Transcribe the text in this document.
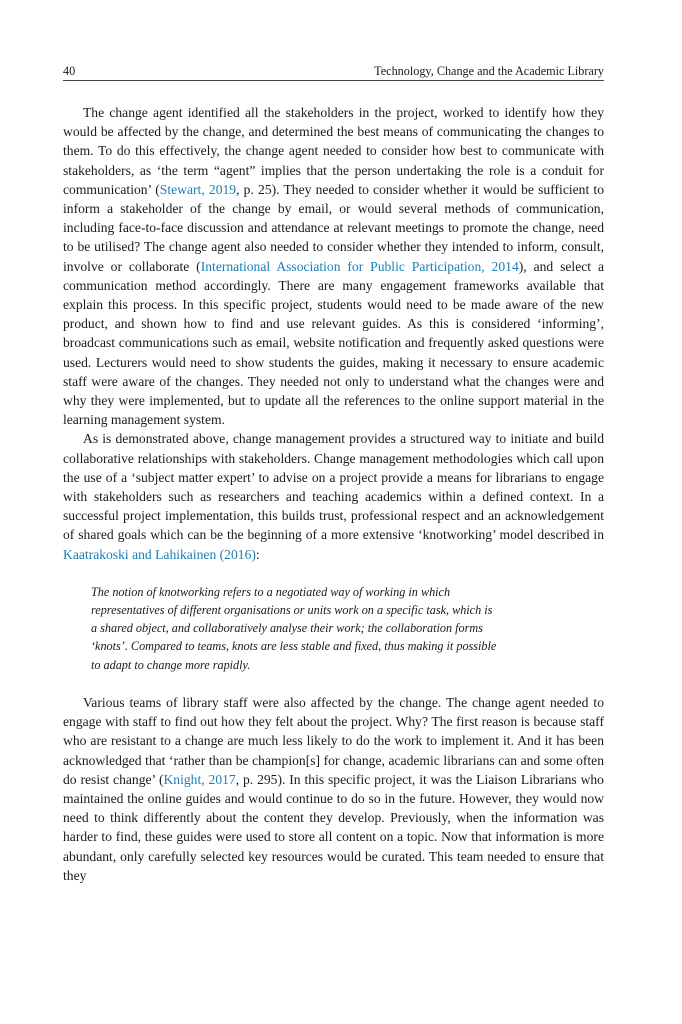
40	Technology, Change and the Academic Library

The change agent identified all the stakeholders in the project, worked to identify how they would be affected by the change, and determined the best means of communicating the changes to them. To do this effectively, the change agent needed to consider how best to communicate with stakeholders, as ‘the term “agent” implies that the person undertaking the role is a conduit for communication’ (Stewart, 2019, p. 25). They needed to consider whether it would be sufficient to inform a stakeholder of the change by email, or would several methods of communication, including face-to-face discussion and attendance at relevant meetings to promote the change, need to be utilised? The change agent also needed to consider whether they intended to inform, consult, involve or collaborate (International Association for Public Participation, 2014), and select a communication method accordingly. There are many engagement frameworks available that explain this process. In this specific project, students would need to be made aware of the new product, and shown how to find and use relevant guides. As this is considered ‘informing’, broadcast communications such as email, website notification and frequently asked questions were used. Lecturers would need to show students the guides, making it necessary to ensure academic staff were aware of the changes. They needed not only to understand what the changes were and why they were implemented, but to update all the references to the online support material in the learning management system.

As is demonstrated above, change management provides a structured way to initiate and build collaborative relationships with stakeholders. Change management methodologies which call upon the use of a ‘subject matter expert’ to advise on a project provide a means for librarians to engage with stakeholders such as researchers and teaching academics within a defined context. In a successful project implementation, this builds trust, professional respect and an acknowledgement of shared goals which can be the beginning of a more extensive ‘knotworking’ model described in Kaatrakoski and Lahikainen (2016):

The notion of knotworking refers to a negotiated way of working in which
representatives of different organisations or units work on a specific task, which is
a shared object, and collaboratively analyse their work; the collaboration forms
‘knots’. Compared to teams, knots are less stable and fixed, thus making it possible
to adapt to change more rapidly.

Various teams of library staff were also affected by the change. The change agent needed to engage with staff to find out how they felt about the project. Why? The first reason is because staff who are resistant to a change are much less likely to do the work to implement it. And it has been acknowledged that ‘rather than be champion[s] for change, academic librarians can and some often do resist change’ (Knight, 2017, p. 295). In this specific project, it was the Liaison Librarians who maintained the online guides and would continue to do so in the future. However, they would now need to think differently about the content they develop. Previously, when the information was harder to find, these guides were used to store all content on a topic. Now that information is more abundant, only carefully selected key resources would be curated. This team needed to ensure that they
